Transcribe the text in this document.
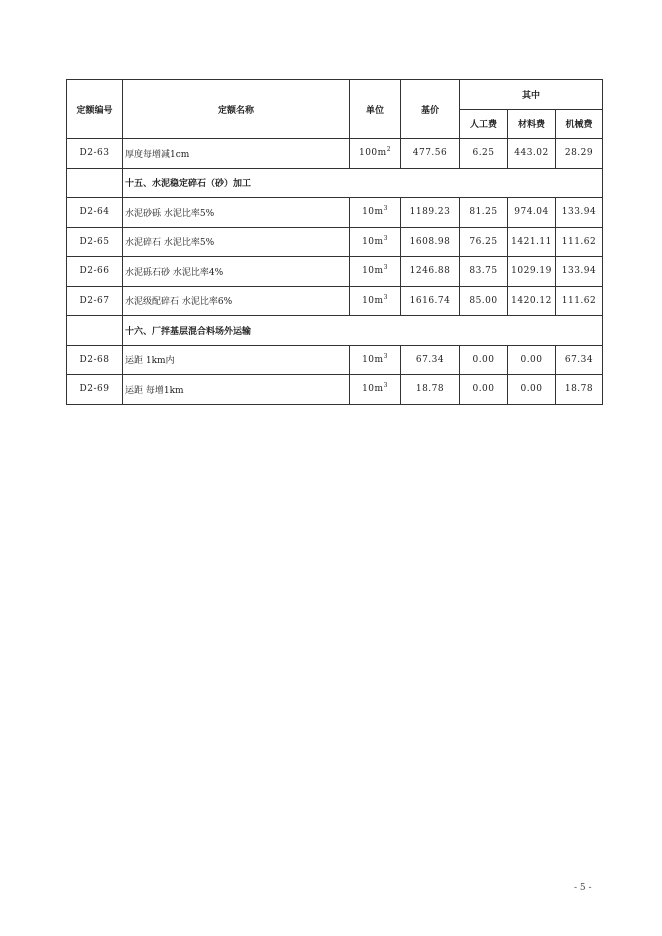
定额编号	定额名称	单位	基价	其中		
				人工费	材料费	机械费
D2-63	厚度每增减1cm	$100m^2$	477.56	6.25	443.02	28.29
	十五、水泥稳定碎石（砂）加工					
D2-64	水泥砂砾 水泥比率5%	$10m^3$	1189.23	81.25	974.04	133.94
D2-65	水泥碎石 水泥比率5%	$10m^3$	1608.98	76.25	1421.11	111.62
D2-66	水泥砾石砂 水泥比率4%	$10m^3$	1246.88	83.75	1029.19	133.94
D2-67	水泥级配碎石 水泥比率6%	$10m^3$	1616.74	85.00	1420.12	111.62
	十六、厂拌基层混合料场外运输					
D2-68	运距 1km内	$10m^3$	67.34	0.00	0.00	67.34
D2-69	运距 每增1km	$10m^3$	18.78	0.00	0.00	18.78
- 5 -
